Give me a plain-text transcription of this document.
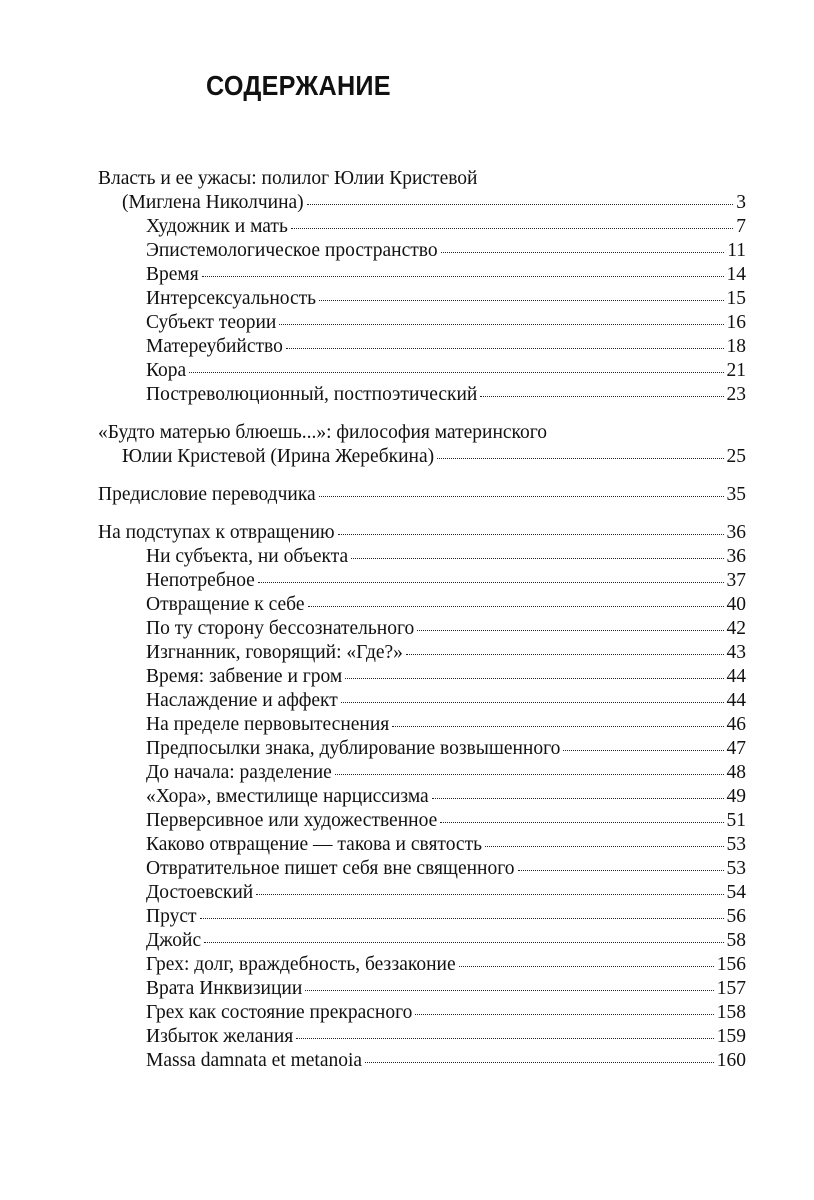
СОДЕРЖАНИЕ
Власть и ее ужасы: полилог Юлии Кристевой
(Миглена Николчина)	3
Художник и мать	7
Эпистемологическое пространство	11
Время	14
Интерсексуальность	15
Субъект теории	16
Матереубийство	18
Кора	21
Постреволюционный, постпоэтический	23
«Будто матерью блюешь...»: философия материнского
Юлии Кристевой (Ирина Жеребкина)	25
Предисловие переводчика	35
На подступах к отвращению	36
Ни субъекта, ни объекта	36
Непотребное	37
Отвращение к себе	40
По ту сторону бессознательного	42
Изгнанник, говорящий: «Где?»	43
Время: забвение и гром	44
Наслаждение и аффект	44
На пределе первовытеснения	46
Предпосылки знака, дублирование возвышенного	47
До начала: разделение	48
«Хора», вместилище нарциссизма	49
Перверсивное или художественное	51
Каково отвращение — такова и святость	53
Отвратительное пишет себя вне священного	53
Достоевский	54
Пруст	56
Джойс	58
Грех: долг, враждебность, беззаконие	156
Врата Инквизиции	157
Грех как состояние прекрасного	158
Избыток желания	159
Massa damnata et metanoia	160
